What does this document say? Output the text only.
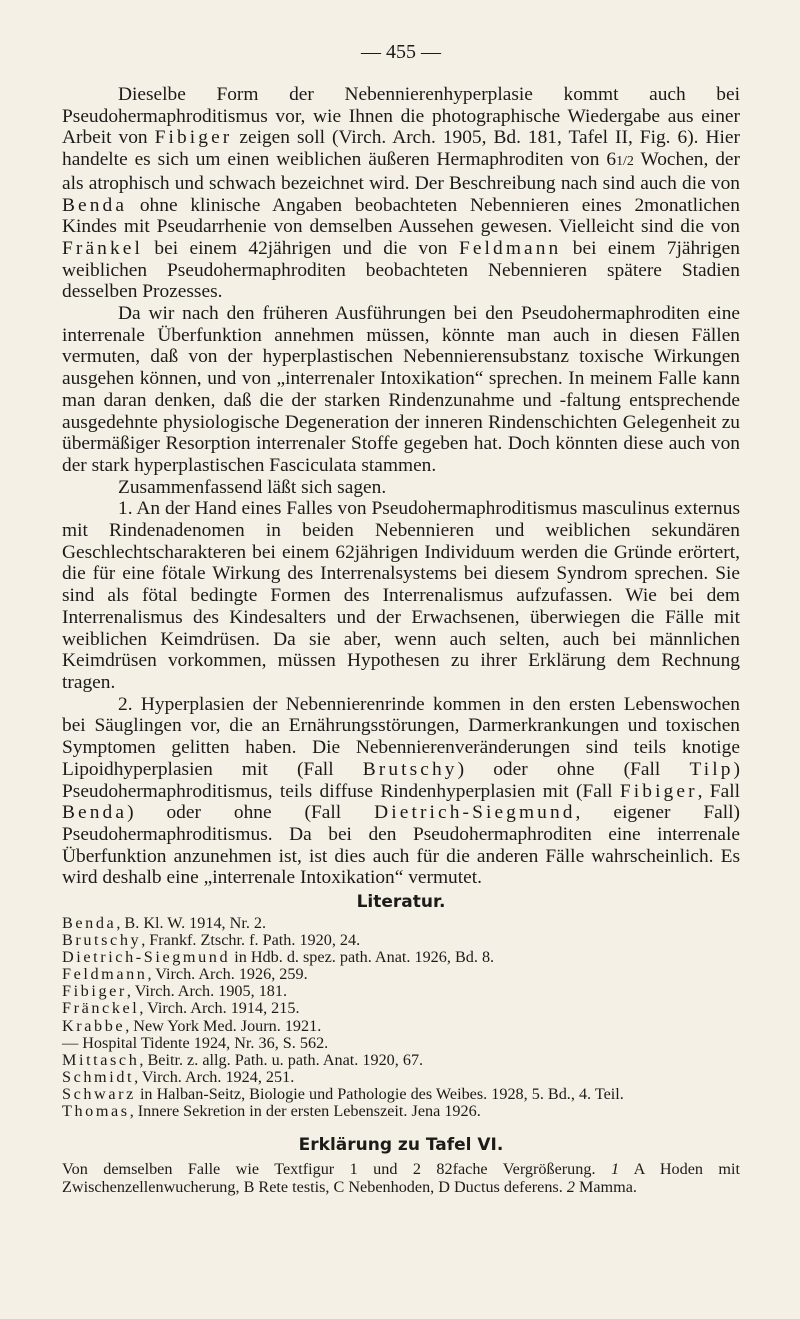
— 455 —

Dieselbe Form der Nebennierenhyperplasie kommt auch bei Pseudohermaphroditismus vor, wie Ihnen die photographische Wiedergabe aus einer Arbeit von Fibiger zeigen soll (Virch. Arch. 1905, Bd. 181, Tafel II, Fig. 6). Hier handelte es sich um einen weiblichen äußeren Hermaphroditen von 61/2 Wochen, der als atrophisch und schwach bezeichnet wird. Der Beschreibung nach sind auch die von Benda ohne klinische Angaben beobachteten Nebennieren eines 2monatlichen Kindes mit Pseudarrhenie von demselben Aussehen gewesen. Vielleicht sind die von Fränkel bei einem 42jährigen und die von Feldmann bei einem 7jährigen weiblichen Pseudohermaphroditen beobachteten Nebennieren spätere Stadien desselben Prozesses.

Da wir nach den früheren Ausführungen bei den Pseudohermaphroditen eine interrenale Überfunktion annehmen müssen, könnte man auch in diesen Fällen vermuten, daß von der hyperplastischen Nebennierensubstanz toxische Wirkungen ausgehen können, und von „interrenaler Intoxikation“ sprechen. In meinem Falle kann man daran denken, daß die der starken Rindenzunahme und -faltung entsprechende ausgedehnte physiologische Degeneration der inneren Rindenschichten Gelegenheit zu übermäßiger Resorption interrenaler Stoffe gegeben hat. Doch könnten diese auch von der stark hyperplastischen Fasciculata stammen.

Zusammenfassend läßt sich sagen.

1. An der Hand eines Falles von Pseudohermaphroditismus masculinus externus mit Rindenadenomen in beiden Nebennieren und weiblichen sekundären Geschlechtscharakteren bei einem 62jährigen Individuum werden die Gründe erörtert, die für eine fötale Wirkung des Interrenalsystems bei diesem Syndrom sprechen. Sie sind als fötal bedingte Formen des Interrenalismus aufzufassen. Wie bei dem Interrenalismus des Kindesalters und der Erwachsenen, überwiegen die Fälle mit weiblichen Keimdrüsen. Da sie aber, wenn auch selten, auch bei männlichen Keimdrüsen vorkommen, müssen Hypothesen zu ihrer Erklärung dem Rechnung tragen.

2. Hyperplasien der Nebennierenrinde kommen in den ersten Lebenswochen bei Säuglingen vor, die an Ernährungsstörungen, Darmerkrankungen und toxischen Symptomen gelitten haben. Die Nebennierenveränderungen sind teils knotige Lipoidhyperplasien mit (Fall Brutschy) oder ohne (Fall Tilp) Pseudohermaphroditismus, teils diffuse Rindenhyperplasien mit (Fall Fibiger, Fall Benda) oder ohne (Fall Dietrich-Siegmund, eigener Fall) Pseudohermaphroditismus. Da bei den Pseudohermaphroditen eine interrenale Überfunktion anzunehmen ist, ist dies auch für die anderen Fälle wahrscheinlich. Es wird deshalb eine „interrenale Intoxikation“ vermutet.

Literatur.
Benda, B. Kl. W. 1914, Nr. 2.
Brutschy, Frankf. Ztschr. f. Path. 1920, 24.
Dietrich-Siegmund in Hdb. d. spez. path. Anat. 1926, Bd. 8.
Feldmann, Virch. Arch. 1926, 259.
Fibiger, Virch. Arch. 1905, 181.
Fränckel, Virch. Arch. 1914, 215.
Krabbe, New York Med. Journ. 1921.
— Hospital Tidente 1924, Nr. 36, S. 562.
Mittasch, Beitr. z. allg. Path. u. path. Anat. 1920, 67.
Schmidt, Virch. Arch. 1924, 251.
Schwarz in Halban-Seitz, Biologie und Pathologie des Weibes. 1928, 5. Bd., 4. Teil.
Thomas, Innere Sekretion in der ersten Lebenszeit. Jena 1926.
Erklärung zu Tafel VI.

Von demselben Falle wie Textfigur 1 und 2 82fache Vergrößerung. 1 A Hoden mit Zwischenzellenwucherung, B Rete testis, C Nebenhoden, D Ductus deferens. 2 Mamma.
